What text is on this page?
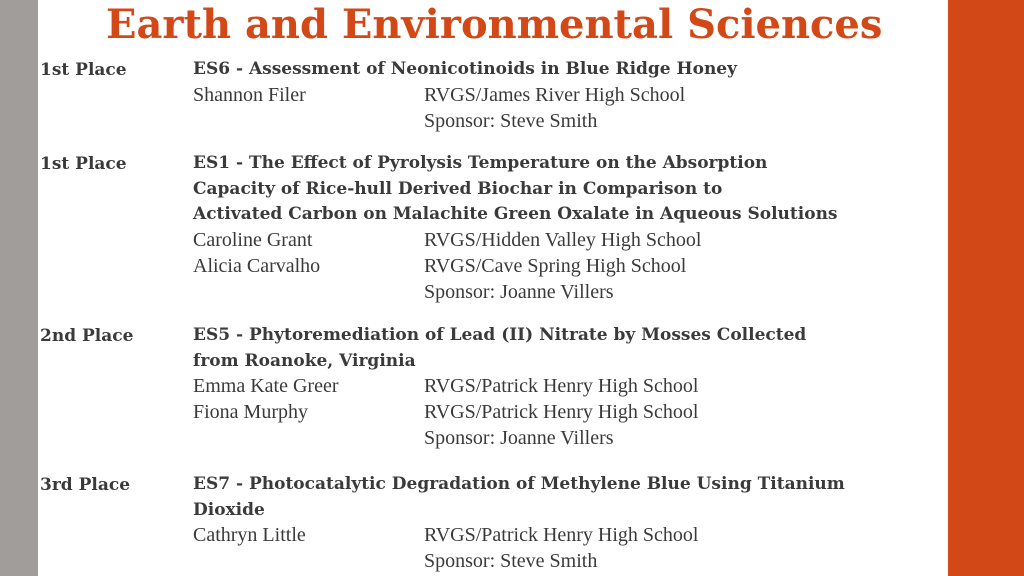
Earth and Environmental Sciences
1st Place	ES6 - Assessment of Neonicotinoids in Blue Ridge Honey
Shannon Filer	RVGS/James River High School
Sponsor: Steve Smith
1st Place	ES1 - The Effect of Pyrolysis Temperature on the Absorption
Capacity of Rice-hull Derived Biochar in Comparison to
Activated Carbon on Malachite Green Oxalate in Aqueous Solutions
Caroline Grant	RVGS/Hidden Valley High School
Alicia Carvalho	RVGS/Cave Spring High School
Sponsor: Joanne Villers
2nd Place	ES5 - Phytoremediation of Lead (II) Nitrate by Mosses Collected
from Roanoke, Virginia
Emma Kate Greer	RVGS/Patrick Henry High School
Fiona Murphy	RVGS/Patrick Henry High School
Sponsor: Joanne Villers
3rd Place	ES7 - Photocatalytic Degradation of Methylene Blue Using Titanium
Dioxide
Cathryn Little	RVGS/Patrick Henry High School
Sponsor: Steve Smith
